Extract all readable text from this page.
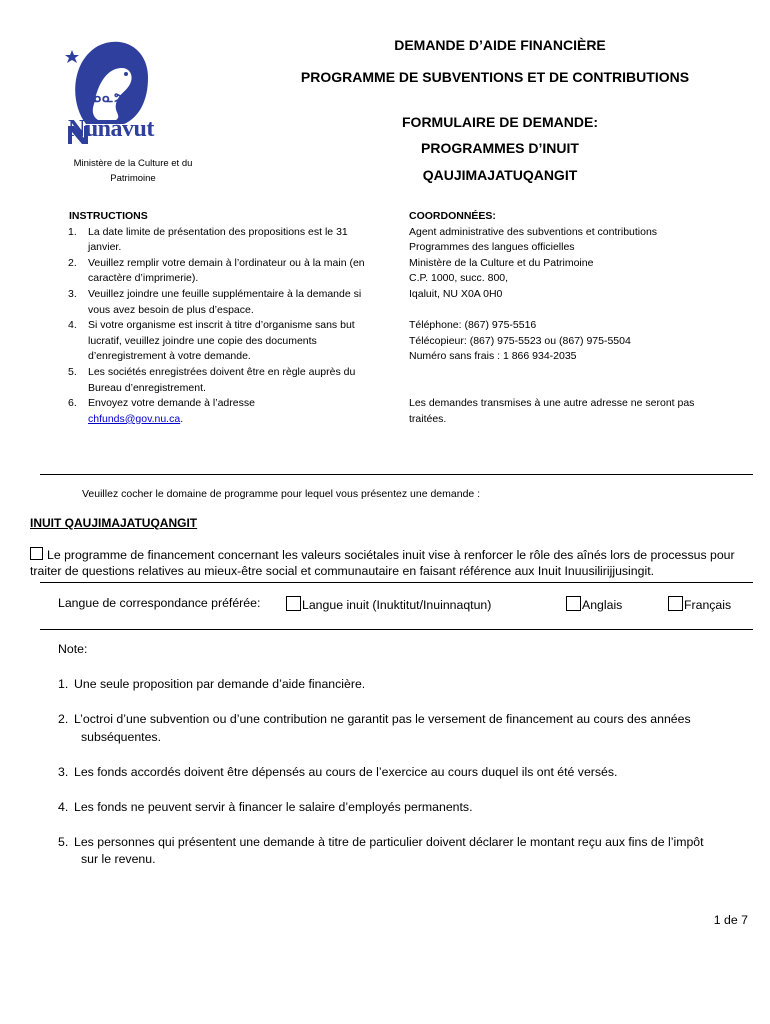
ᓄᓇᕗᑦ
Nunavut
Ministère de la Culture et du
Patrimoine
DEMANDE D’AIDE FINANCIÈRE
PROGRAMME DE SUBVENTIONS ET DE CONTRIBUTIONS
FORMULAIRE DE DEMANDE:
PROGRAMMES D’INUIT
QAUJIMAJATUQANGIT
INSTRUCTIONS
1. La date limite de présentation des propositions est le 31 janvier.
2. Veuillez remplir votre demain à l’ordinateur ou à la main (en caractère d’imprimerie).
3. Veuillez joindre une feuille supplémentaire à la demande si vous avez besoin de plus d’espace.
4. Si votre organisme est inscrit à titre d’organisme sans but lucratif, veuillez joindre une copie des documents d’enregistrement à votre demande.
5. Les sociétés enregistrées doivent être en règle auprès du Bureau d’enregistrement.
6. Envoyez votre demande à l’adresse
chfunds@gov.nu.ca.
COORDONNÉES:
Agent administrative des subventions et contributions
Programmes des langues officielles
Ministère de la Culture et du Patrimoine
C.P. 1000, succ. 800,
Iqaluit, NU X0A 0H0
Téléphone: (867) 975-5516
Télécopieur: (867) 975-5523 ou (867) 975-5504
Numéro sans frais : 1 866 934-2035
Les demandes transmises à une autre adresse ne seront pas traitées.
Veuillez cocher le domaine de programme pour lequel vous présentez une demande :
INUIT QAUJIMAJATUQANGIT
Le programme de financement concernant les valeurs sociétales inuit vise à renforcer le rôle des aînés lors de processus pour traiter de questions relatives au mieux-être social et communautaire en faisant référence aux Inuit Inuusilirijjusingit.
Langue de correspondance préférée:	Langue inuit (Inuktitut/Inuinnaqtun)	Anglais	Français
Note:
1. Une seule proposition par demande d’aide financière.
2. L’octroi d’une subvention ou d’une contribution ne garantit pas le versement de financement au cours des années
subséquentes.
3. Les fonds accordés doivent être dépensés au cours de l’exercice au cours duquel ils ont été versés.
4. Les fonds ne peuvent servir à financer le salaire d’employés permanents.
5. Les personnes qui présentent une demande à titre de particulier doivent déclarer le montant reçu aux fins de l’impôt
sur le revenu.
1 de 7
